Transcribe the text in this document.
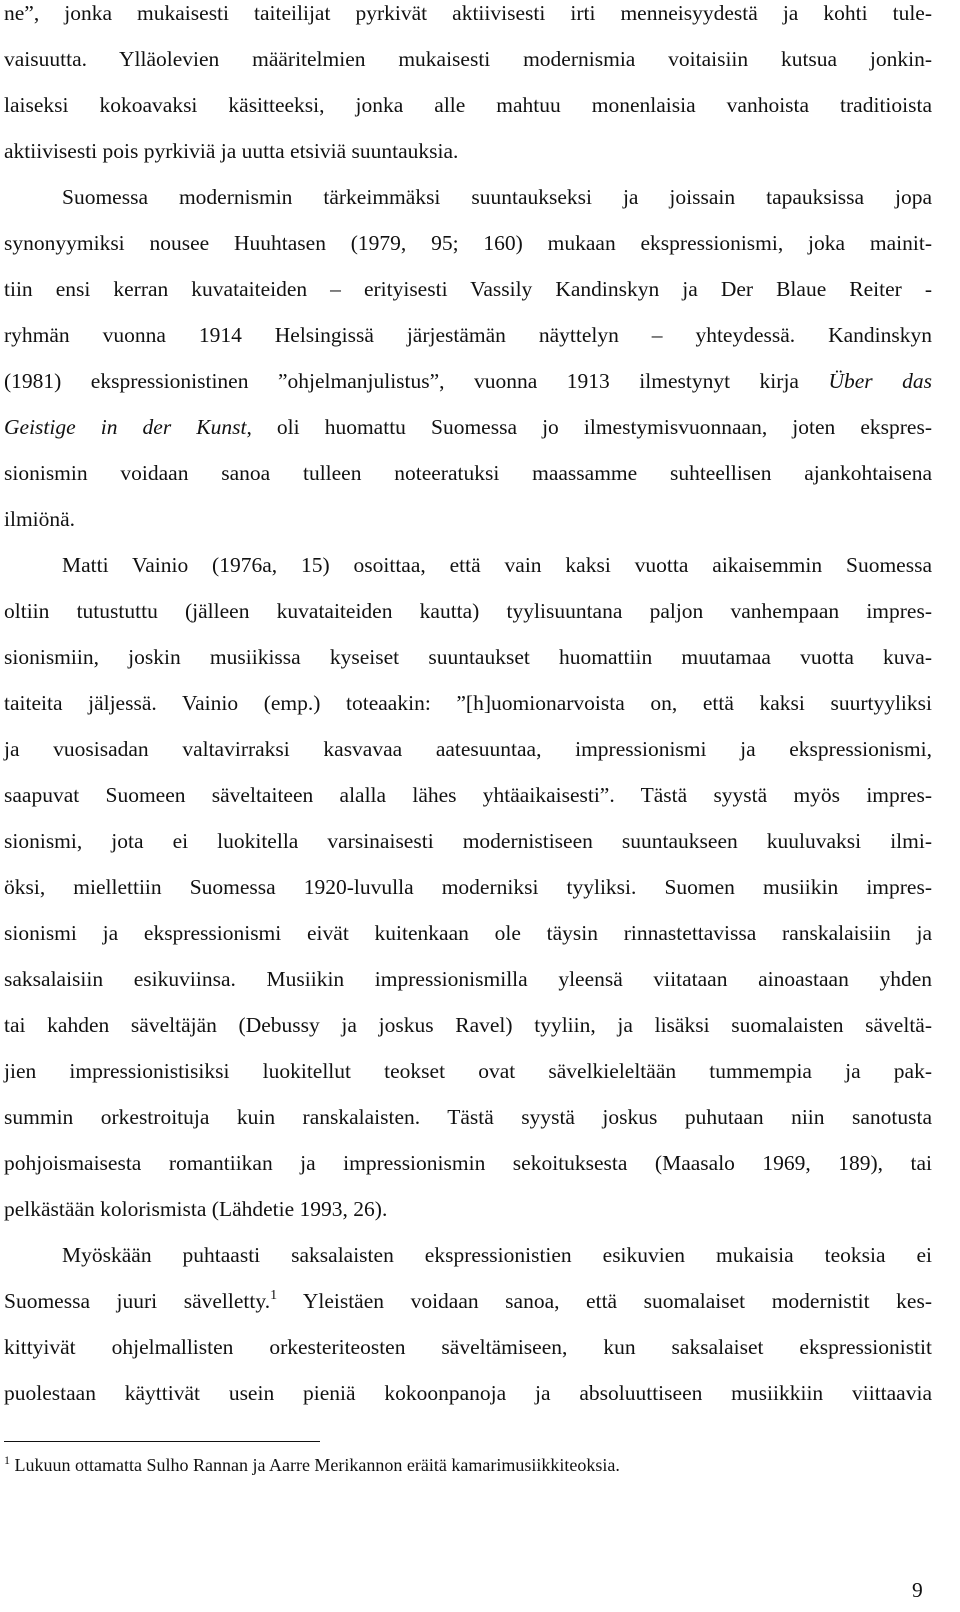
ne”, jonka mukaisesti taiteilijat pyrkivät aktiivisesti irti menneisyydestä ja kohti tule-
vaisuutta. Ylläolevien määritelmien mukaisesti modernismia voitaisiin kutsua jonkin-
laiseksi kokoavaksi käsitteeksi, jonka alle mahtuu monenlaisia vanhoista traditioista
aktiivisesti pois pyrkiviä ja uutta etsiviä suuntauksia.
Suomessa modernismin tärkeimmäksi suuntaukseksi ja joissain tapauksissa jopa
synonyymiksi nousee Huuhtasen (1979, 95; 160) mukaan ekspressionismi, joka mainit-
tiin ensi kerran kuvataiteiden – erityisesti Vassily Kandinskyn ja Der Blaue Reiter -
ryhmän vuonna 1914 Helsingissä järjestämän näyttelyn – yhteydessä. Kandinskyn
(1981) ekspressionistinen ”ohjelmanjulistus”, vuonna 1913 ilmestynyt kirja Über das
Geistige in der Kunst, oli huomattu Suomessa jo ilmestymisvuonnaan, joten ekspres-
sionismin voidaan sanoa tulleen noteeratuksi maassamme suhteellisen ajankohtaisena
ilmiönä.
Matti Vainio (1976a, 15) osoittaa, että vain kaksi vuotta aikaisemmin Suomessa
oltiin tutustuttu (jälleen kuvataiteiden kautta) tyylisuuntana paljon vanhempaan impres-
sionismiin, joskin musiikissa kyseiset suuntaukset huomattiin muutamaa vuotta kuva-
taiteita jäljessä. Vainio (emp.) toteaakin: ”[h]uomionarvoista on, että kaksi suurtyyliksi
ja vuosisadan valtavirraksi kasvavaa aatesuuntaa, impressionismi ja ekspressionismi,
saapuvat Suomeen säveltaiteen alalla lähes yhtäaikaisesti”. Tästä syystä myös impres-
sionismi, jota ei luokitella varsinaisesti modernistiseen suuntaukseen kuuluvaksi ilmi-
öksi, miellettiin Suomessa 1920-luvulla moderniksi tyyliksi. Suomen musiikin impres-
sionismi ja ekspressionismi eivät kuitenkaan ole täysin rinnastettavissa ranskalaisiin ja
saksalaisiin esikuviinsa. Musiikin impressionismilla yleensä viitataan ainoastaan yhden
tai kahden säveltäjän (Debussy ja joskus Ravel) tyyliin, ja lisäksi suomalaisten säveltä-
jien impressionistisiksi luokitellut teokset ovat sävelkieleltään tummempia ja pak-
summin orkestroituja kuin ranskalaisten. Tästä syystä joskus puhutaan niin sanotusta
pohjoismaisesta romantiikan ja impressionismin sekoituksesta (Maasalo 1969, 189), tai
pelkästään kolorismista (Lähdetie 1993, 26).
Myöskään puhtaasti saksalaisten ekspressionistien esikuvien mukaisia teoksia ei
Suomessa juuri sävelletty.$^1$ Yleistäen voidaan sanoa, että suomalaiset modernistit kes-
kittyivät ohjelmallisten orkesteriteosten säveltämiseen, kun saksalaiset ekspressionistit
puolestaan käyttivät usein pieniä kokoonpanoja ja absoluuttiseen musiikkiin viittaavia
$^1$ Lukuun ottamatta Sulho Rannan ja Aarre Merikannon eräitä kamarimusiikkiteoksia.
9
